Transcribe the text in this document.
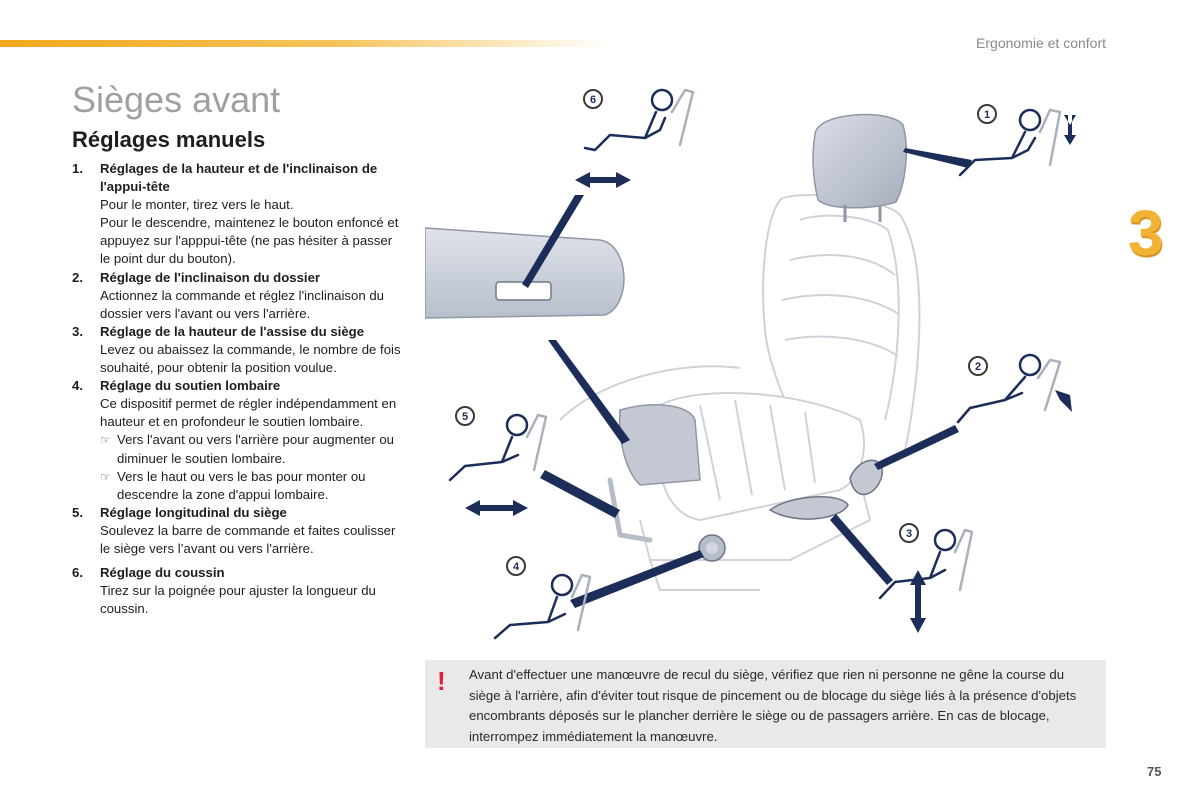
Ergonomie et confort
3
Sièges avant
Réglages manuels
1.	Réglages de la hauteur et de l'inclinaison de l'appui-tête
Pour le monter, tirez vers le haut.
Pour le descendre, maintenez le bouton enfoncé et appuyez sur l'apppui-tête (ne pas hésiter à passer le point dur du bouton).
2.	Réglage de l'inclinaison du dossier
Actionnez la commande et réglez l'inclinaison du dossier vers l'avant ou vers l'arrière.
3.	Réglage de la hauteur de l'assise du siège
Levez ou abaissez la commande, le nombre de fois souhaité, pour obtenir la position voulue.
4.	Réglage du soutien lombaire
Ce dispositif permet de régler indépendamment en hauteur et en profondeur le soutien lombaire.
☞ Vers l'avant ou vers l'arrière pour augmenter ou diminuer le soutien lombaire.
☞ Vers le haut ou vers le bas pour monter ou descendre la zone d'appui lombaire.
5.	Réglage longitudinal du siège
Soulevez la barre de commande et faites coulisser le siège vers l’avant ou vers l'arrière.
6.	Réglage du coussin
Tirez sur la poignée pour ajuster la longueur du coussin.
6
1
2
3
4
5
! Avant d'effectuer une manœuvre de recul du siège, vérifiez que rien ni personne ne gêne la course du siège à l'arrière, afin d'éviter tout risque de pincement ou de blocage du siège liés à la présence d'objets encombrants déposés sur le plancher derrière le siège ou de passagers arrière. En cas de blocage, interrompez immédiatement la manœuvre.

75
